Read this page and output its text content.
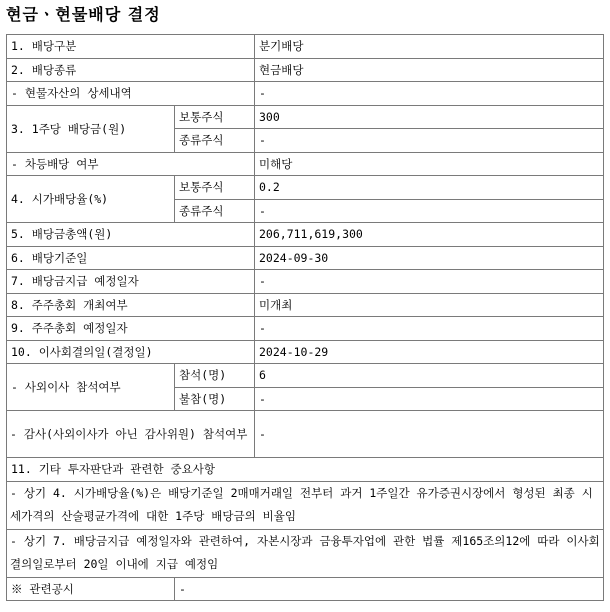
현금ㆍ현물배당 결정
1. 배당구분		분기배당
2. 배당종류		현금배당
- 현물자산의 상세내역		-
3. 1주당 배당금(원)	보통주식	300
	종류주식	-
- 차등배당 여부		미해당
4. 시가배당율(%)	보통주식	0.2
	종류주식	-
5. 배당금총액(원)		206,711,619,300
6. 배당기준일		2024-09-30
7. 배당금지급 예정일자		-
8. 주주총회 개최여부		미개최
9. 주주총회 예정일자		-
10. 이사회결의일(결정일)		2024-10-29
- 사외이사 참석여부	참석(명)	6
	불참(명)	-
- 감사(사외이사가 아닌 감사위원) 참석여부		-
11. 기타 투자판단과 관련한 중요사항		
- 상기 4. 시가배당율(%)은 배당기준일 2매매거래일 전부터 과거 1주일간 유가증권시장에서 형성된 최종 시세가격의 산술평균가격에 대한 1주당 배당금의 비율임		
- 상기 7. 배당금지급 예정일자와 관련하여, 자본시장과 금융투자업에 관한 법률 제165조의12에 따라 이사회 결의일로부터 20일 이내에 지급 예정임		
※ 관련공시	-	
